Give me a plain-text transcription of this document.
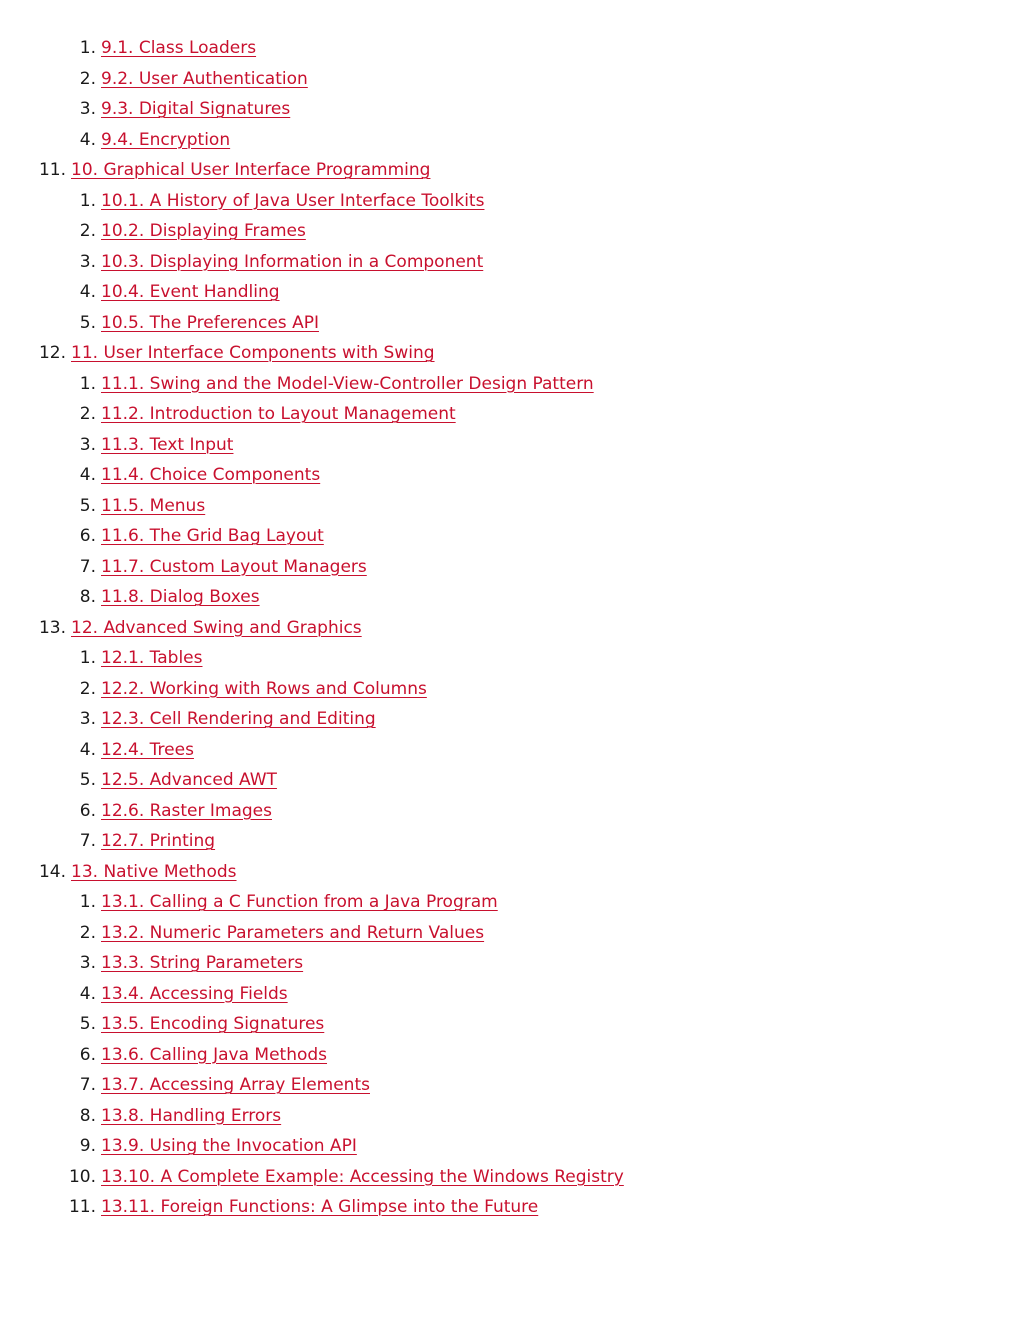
1. 9.1. Class Loaders
2. 9.2. User Authentication
3. 9.3. Digital Signatures
4. 9.4. Encryption
11. 10. Graphical User Interface Programming
1. 10.1. A History of Java User Interface Toolkits
2. 10.2. Displaying Frames
3. 10.3. Displaying Information in a Component
4. 10.4. Event Handling
5. 10.5. The Preferences API
12. 11. User Interface Components with Swing
1. 11.1. Swing and the Model-View-Controller Design Pattern
2. 11.2. Introduction to Layout Management
3. 11.3. Text Input
4. 11.4. Choice Components
5. 11.5. Menus
6. 11.6. The Grid Bag Layout
7. 11.7. Custom Layout Managers
8. 11.8. Dialog Boxes
13. 12. Advanced Swing and Graphics
1. 12.1. Tables
2. 12.2. Working with Rows and Columns
3. 12.3. Cell Rendering and Editing
4. 12.4. Trees
5. 12.5. Advanced AWT
6. 12.6. Raster Images
7. 12.7. Printing
14. 13. Native Methods
1. 13.1. Calling a C Function from a Java Program
2. 13.2. Numeric Parameters and Return Values
3. 13.3. String Parameters
4. 13.4. Accessing Fields
5. 13.5. Encoding Signatures
6. 13.6. Calling Java Methods
7. 13.7. Accessing Array Elements
8. 13.8. Handling Errors
9. 13.9. Using the Invocation API
10. 13.10. A Complete Example: Accessing the Windows Registry
11. 13.11. Foreign Functions: A Glimpse into the Future
